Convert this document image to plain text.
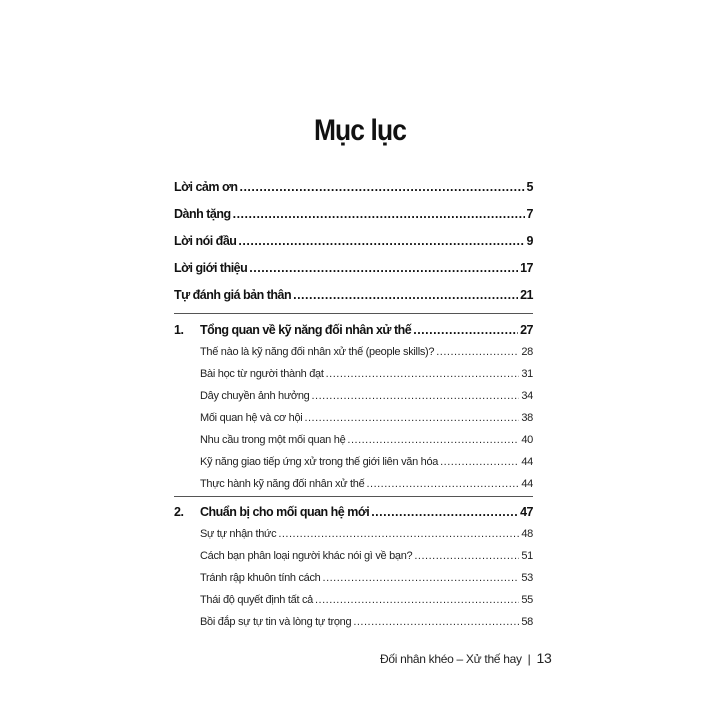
Mục lục
Lời cảm ơn .....	5
Dành tặng .....	7
Lời nói đầu .....	9
Lời giới thiệu .....	17
Tự đánh giá bản thân .....	21
1. Tổng quan về kỹ năng đối nhân xử thế .....	27
Thế nào là kỹ năng đối nhân xử thế (people skills)? .....	28
Bài học từ người thành đạt .....	31
Dây chuyền ảnh hưởng .....	34
Mối quan hệ và cơ hội .....	38
Nhu cầu trong một mối quan hệ .....	40
Kỹ năng giao tiếp ứng xử trong thế giới liên văn hóa .....	44
Thực hành kỹ năng đối nhân xử thế .....	44
2. Chuẩn bị cho mối quan hệ mới .....	47
Sự tự nhận thức .....	48
Cách bạn phân loại người khác nói gì về bạn? .....	51
Tránh rập khuôn tính cách .....	53
Thái độ quyết định tất cả .....	55
Bồi đắp sự tự tin và lòng tự trọng .....	58
Đối nhân khéo – Xử thế hay | 13
